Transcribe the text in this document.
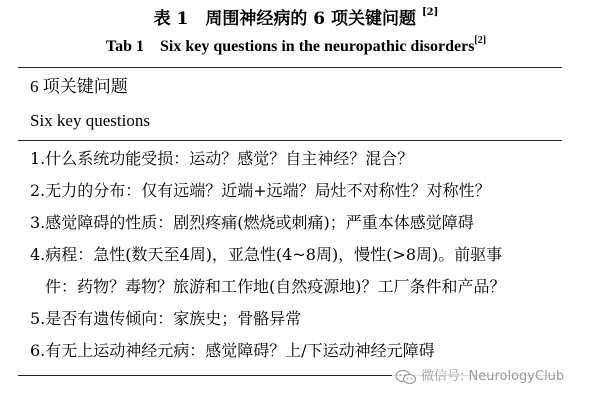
表 1　周围神经病的 6 项关键问题 [2]
Tab 1　Six key questions in the neuropathic disorders[2]
6 项关键问题
Six key questions
1.什么系统功能受损：运动？感觉？自主神经？混合？
2.无力的分布：仅有远端？近端+远端？局灶不对称性？对称性？
3.感觉障碍的性质：剧烈疼痛(燃烧或刺痛)；严重本体感觉障碍
4.病程：急性(数天至4周)，亚急性(4~8周)，慢性(>8周)。前驱事
件：药物？毒物？旅游和工作地(自然疫源地)？工厂条件和产品？
5.是否有遗传倾向：家族史；骨骼异常
6.有无上运动神经元病：感觉障碍？上/下运动神经元障碍
微信号: NeurologyClub
